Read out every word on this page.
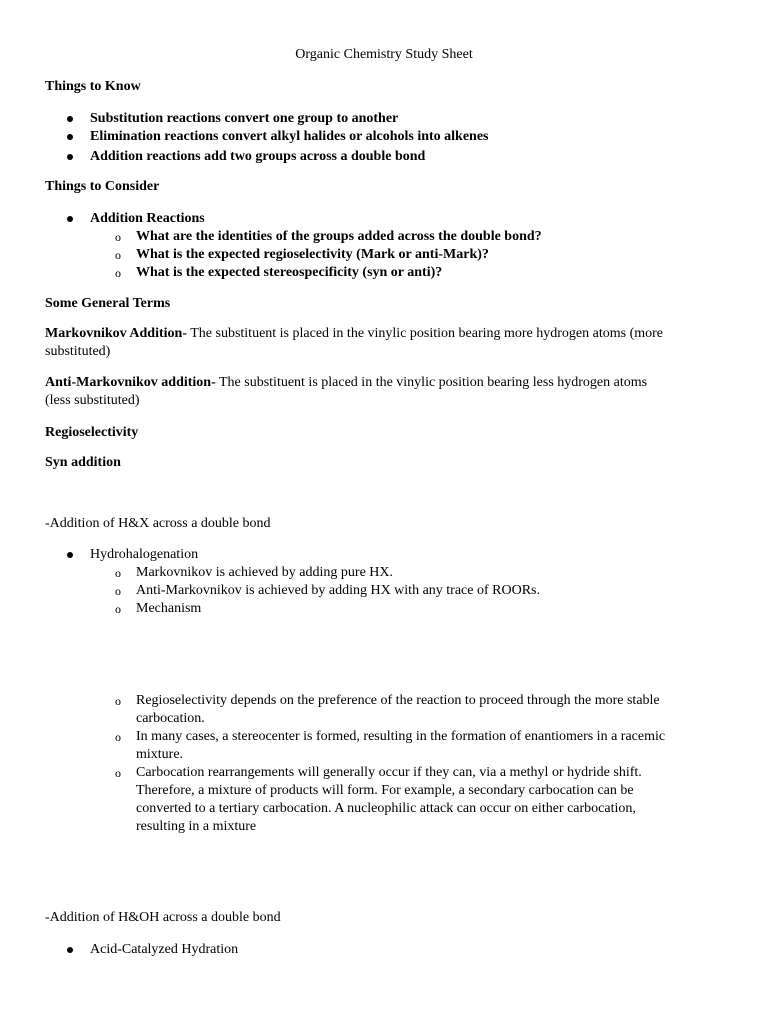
Organic Chemistry Study Sheet
Things to Know
Substitution reactions convert one group to another
Elimination reactions convert alkyl halides or alcohols into alkenes
Addition reactions add two groups across a double bond
Things to Consider
Addition Reactions
o What are the identities of the groups added across the double bond?
o What is the expected regioselectivity (Mark or anti-Mark)?
o What is the expected stereospecificity (syn or anti)?
Some General Terms
Markovnikov Addition- The substituent is placed in the vinylic position bearing more hydrogen atoms (more
substituted)
Anti-Markovnikov addition- The substituent is placed in the vinylic position bearing less hydrogen atoms
(less substituted)
Regioselectivity
Syn addition
-Addition of H&X across a double bond
Hydrohalogenation
o Markovnikov is achieved by adding pure HX.
o Anti-Markovnikov is achieved by adding HX with any trace of ROORs.
o Mechanism
o Regioselectivity depends on the preference of the reaction to proceed through the more stable
carbocation.
o In many cases, a stereocenter is formed, resulting in the formation of enantiomers in a racemic
mixture.
o Carbocation rearrangements will generally occur if they can, via a methyl or hydride shift.
Therefore, a mixture of products will form. For example, a secondary carbocation can be
converted to a tertiary carbocation. A nucleophilic attack can occur on either carbocation,
resulting in a mixture
-Addition of H&OH across a double bond
Acid-Catalyzed Hydration
